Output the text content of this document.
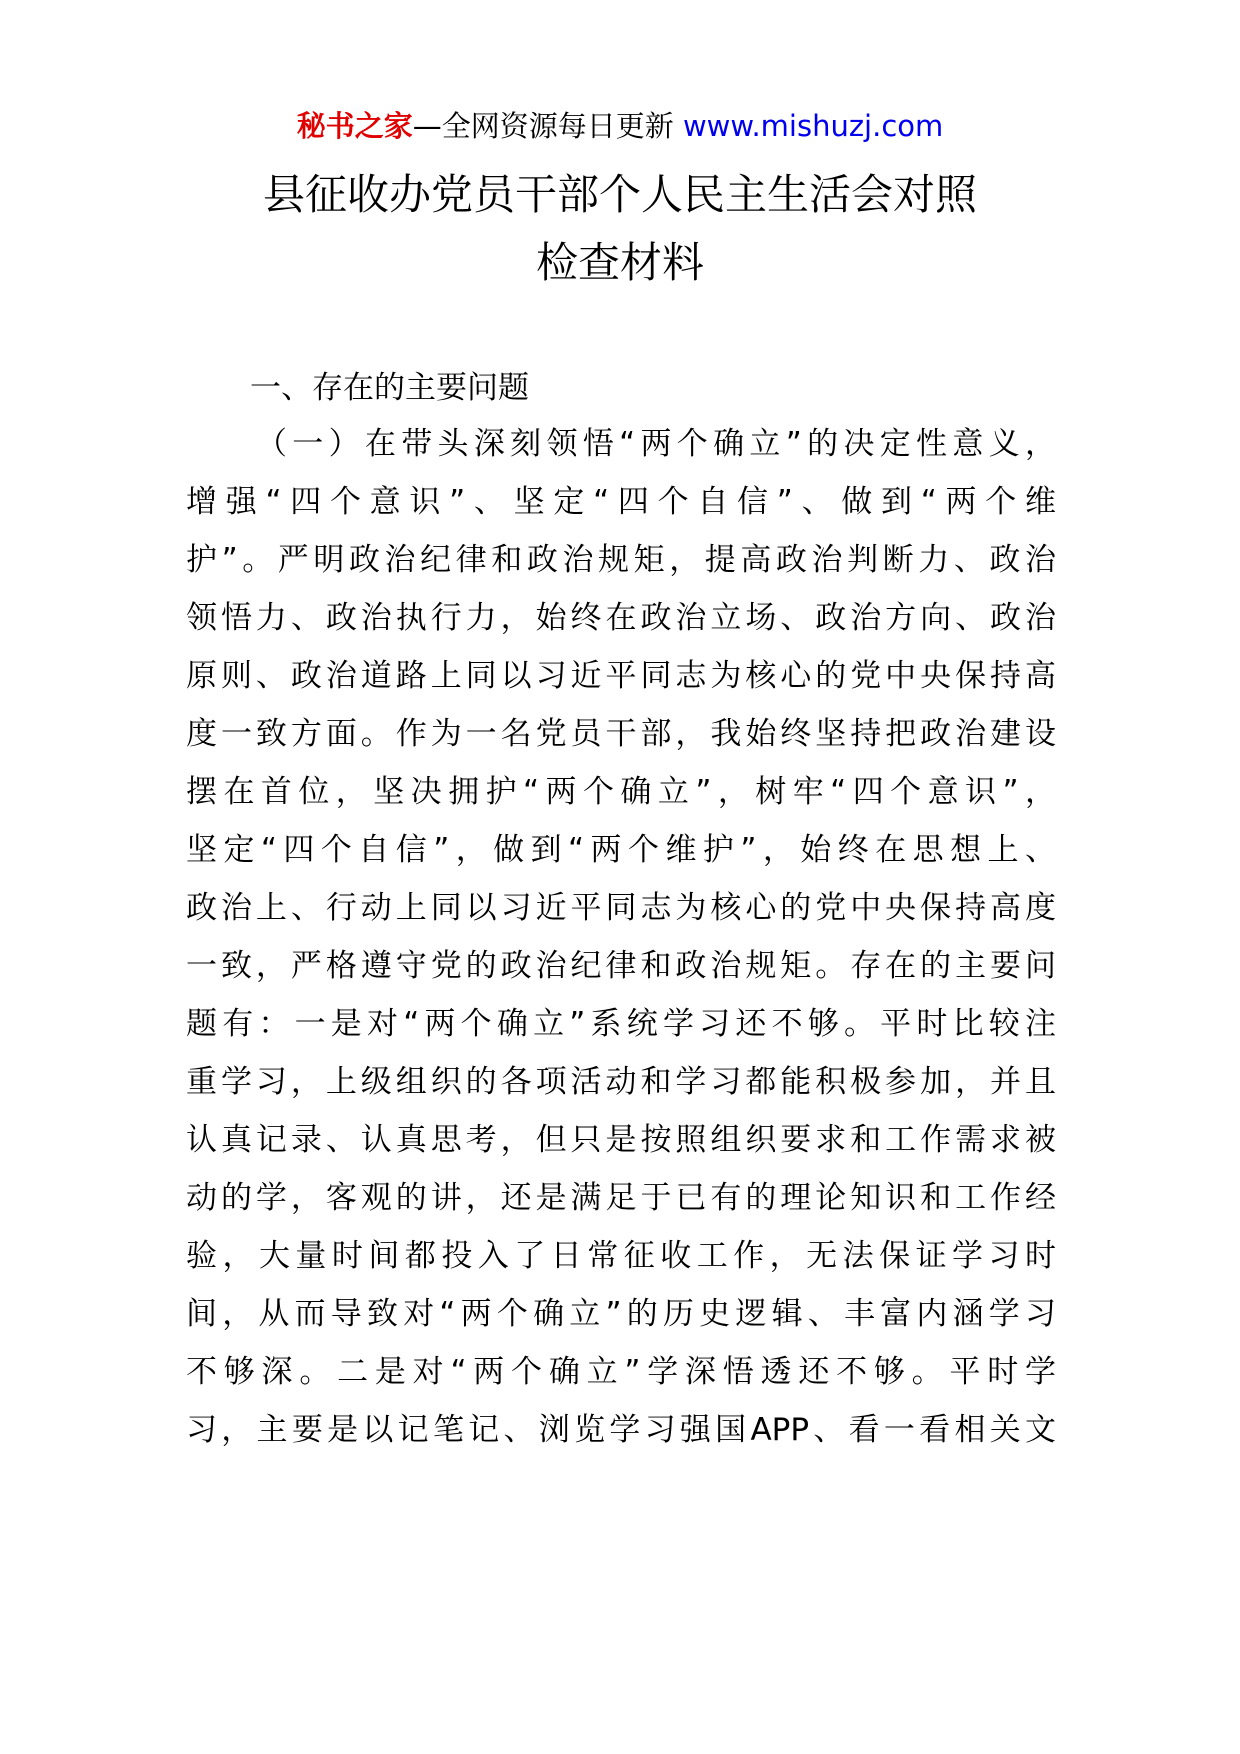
秘书之家—全网资源每日更新 www.mishuzj.com
县征收办党员干部个人民主生活会对照
检查材料
一、存在的主要问题
（一）在带头深刻领悟“两个确立”的决定性意义，
增强“四个意识”、坚定“四个自信”、做到“两个维
护”。严明政治纪律和政治规矩，提高政治判断力、政治
领悟力、政治执行力，始终在政治立场、政治方向、政治
原则、政治道路上同以习近平同志为核心的党中央保持高
度一致方面。作为一名党员干部，我始终坚持把政治建设
摆在首位，坚决拥护“两个确立”，树牢“四个意识”，
坚定“四个自信”，做到“两个维护”，始终在思想上、
政治上、行动上同以习近平同志为核心的党中央保持高度
一致，严格遵守党的政治纪律和政治规矩。存在的主要问
题有：一是对“两个确立”系统学习还不够。平时比较注
重学习，上级组织的各项活动和学习都能积极参加，并且
认真记录、认真思考，但只是按照组织要求和工作需求被
动的学，客观的讲，还是满足于已有的理论知识和工作经
验，大量时间都投入了日常征收工作，无法保证学习时
间，从而导致对“两个确立”的历史逻辑、丰富内涵学习
不够深。二是对“两个确立”学深悟透还不够。平时学
习，主要是以记笔记、浏览学习强国APP、看一看相关文
